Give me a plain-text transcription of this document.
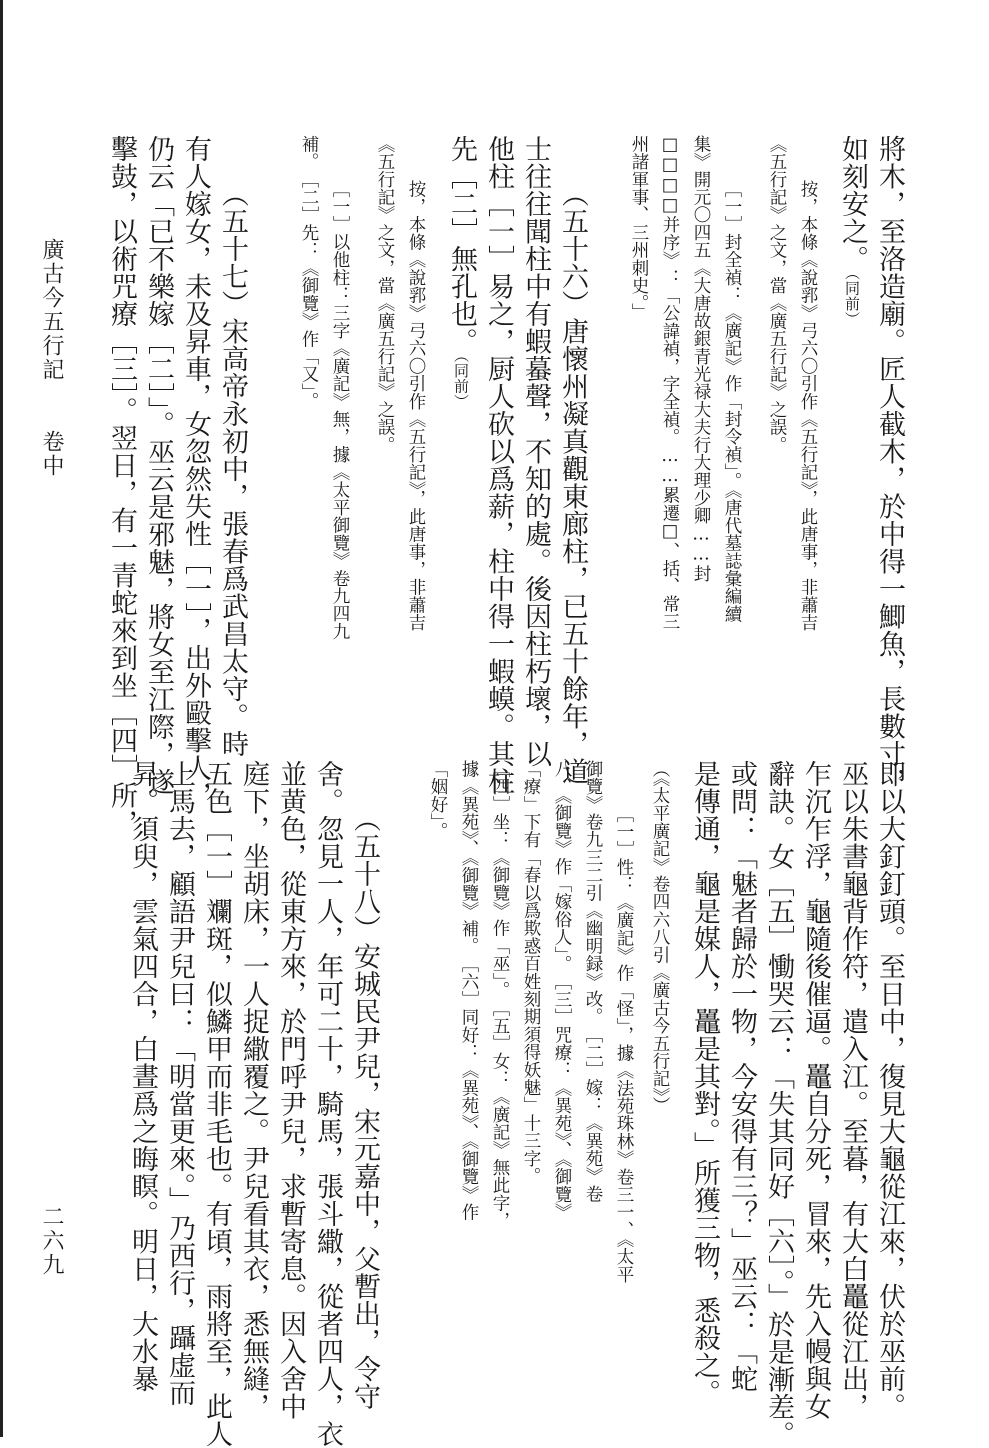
廣古今五行記　　卷中
二六九
將木，至洛造廟。匠人截木，於中得一鯽魚，長數寸，
如刻安之。（同前）
按，本條《說郛》弓六〇引作《五行記》，此唐事，非蕭吉
《五行記》之文，當《廣五行記》之誤。
［一］封全禎：《廣記》作「封令禎」。《唐代墓誌彙編續
集》開元〇四五《大唐故銀青光禄大夫行大理少卿……封
□□□□并序》：「公諱禎，字全禎。……累遷□、括、常三
州諸軍事、三州刺史。」
（五十六）唐懷州凝真觀東廊柱，已五十餘年，道
士往往聞柱中有蝦蟇聲，不知的處。後因柱朽壞，以
他柱［一］易之，厨人砍以爲薪，柱中得一蝦蟆。其柱
先［二］無孔也。（同前）
按，本條《說郛》弓六〇引作《五行記》，此唐事，非蕭吉
《五行記》之文，當《廣五行記》之誤。
［一］以他柱：三字《廣記》無，據《太平御覽》卷九四九
補。　［二］先：《御覽》作「又」。
（五十七）宋高帝永初中，張春爲武昌太守。時
有人嫁女，未及昇車，女忽然失性［一］，出外毆擊人，
仍云「已不樂嫁［二］」。巫云是邪魅，將女至江際，遂
擊鼓，以術咒療［三］。翌日，有一青蛇來到坐［四］所，
即以大釘釘頭。至日中，復見大龜從江來，伏於巫前。
巫以朱書龜背作符，遣入江。至暮，有大白鼉從江出，
乍沉乍浮，龜隨後催逼。鼉自分死，冒來，先入幔與女
辭訣。女［五］慟哭云：「失其同好［六］。」於是漸差。
或問：「魅者歸於一物，今安得有三？」巫云：「蛇
是傳通，龜是媒人，鼉是其對。」所獲三物，悉殺之。
（《太平廣記》卷四六八引《廣古今五行記》）
［一］性：《廣記》作「怪」，據《法苑珠林》卷三一、《太平
御覽》卷九三二引《幽明録》改。　［二］嫁：《異苑》卷
八、《御覽》作「嫁俗人」。　［三］咒療：《異苑》、《御覽》
「療」下有「春以爲欺惑百姓刻期須得妖魅」十三字。
［四］坐：《御覽》作「巫」。　［五］女：《廣記》無此字，
據《異苑》、《御覽》補。　［六］同好：《異苑》、《御覽》作
「姻好」。
（五十八）安城民尹兒，宋元嘉中，父暫出，令守
舍。忽見一人，年可二十，騎馬，張斗繖，從者四人，衣
並黄色，從東方來，於門呼尹兒，求暫寄息。因入舍中
庭下，坐胡床，一人捉繖覆之。尹兒看其衣，悉無縫，
五色［一］斕斑，似鱗甲而非毛也。有頃，雨將至，此人
上馬去，顧語尹兒曰：「明當更來。」乃西行，躡虚而
昇。須臾，雲氣四合，白晝爲之晦瞑。明日，大水暴
